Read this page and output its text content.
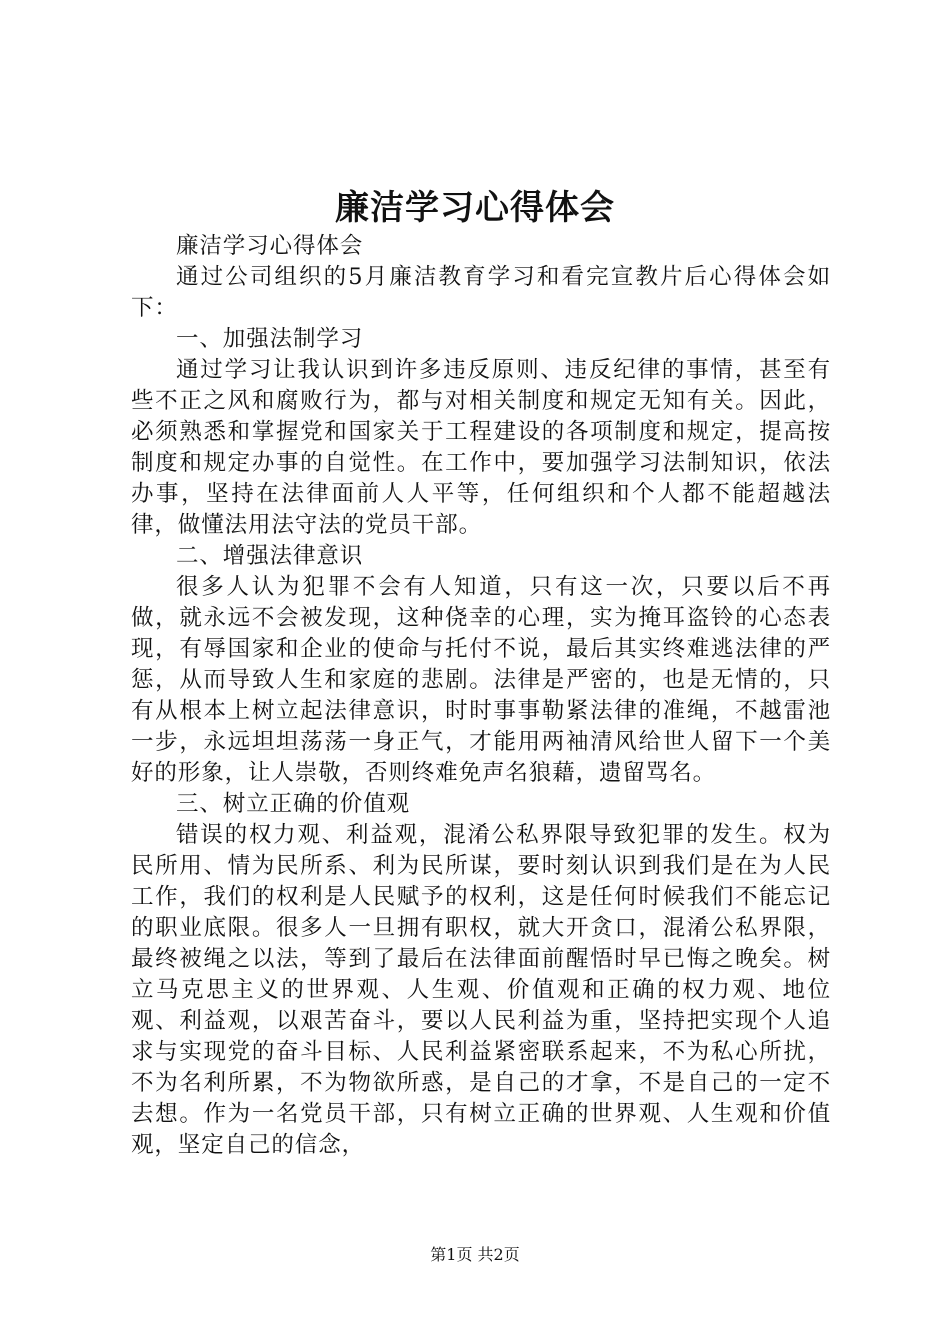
廉洁学习心得体会

廉洁学习心得体会

通过公司组织的5月廉洁教育学习和看完宣教片后心得体会如下：

一、加强法制学习

通过学习让我认识到许多违反原则、违反纪律的事情，甚至有些不正之风和腐败行为，都与对相关制度和规定无知有关。因此，必须熟悉和掌握党和国家关于工程建设的各项制度和规定，提高按制度和规定办事的自觉性。在工作中，要加强学习法制知识，依法办事，坚持在法律面前人人平等，任何组织和个人都不能超越法律，做懂法用法守法的党员干部。

二、增强法律意识

很多人认为犯罪不会有人知道，只有这一次，只要以后不再做，就永远不会被发现，这种侥幸的心理，实为掩耳盗铃的心态表现，有辱国家和企业的使命与托付不说，最后其实终难逃法律的严惩，从而导致人生和家庭的悲剧。法律是严密的，也是无情的，只有从根本上树立起法律意识，时时事事勒紧法律的准绳，不越雷池一步，永远坦坦荡荡一身正气，才能用两袖清风给世人留下一个美好的形象，让人崇敬，否则终难免声名狼藉，遗留骂名。

三、树立正确的价值观

错误的权力观、利益观，混淆公私界限导致犯罪的发生。权为民所用、情为民所系、利为民所谋，要时刻认识到我们是在为人民工作，我们的权利是人民赋予的权利，这是任何时候我们不能忘记的职业底限。很多人一旦拥有职权，就大开贪口，混淆公私界限，最终被绳之以法，等到了最后在法律面前醒悟时早已悔之晚矣。树立马克思主义的世界观、人生观、价值观和正确的权力观、地位观、利益观，以艰苦奋斗，要以人民利益为重，坚持把实现个人追求与实现党的奋斗目标、人民利益紧密联系起来，不为私心所扰，不为名利所累，不为物欲所惑，是自己的才拿，不是自己的一定不去想。作为一名党员干部，只有树立正确的世界观、人生观和价值观，坚定自己的信念，

第1页 共2页
